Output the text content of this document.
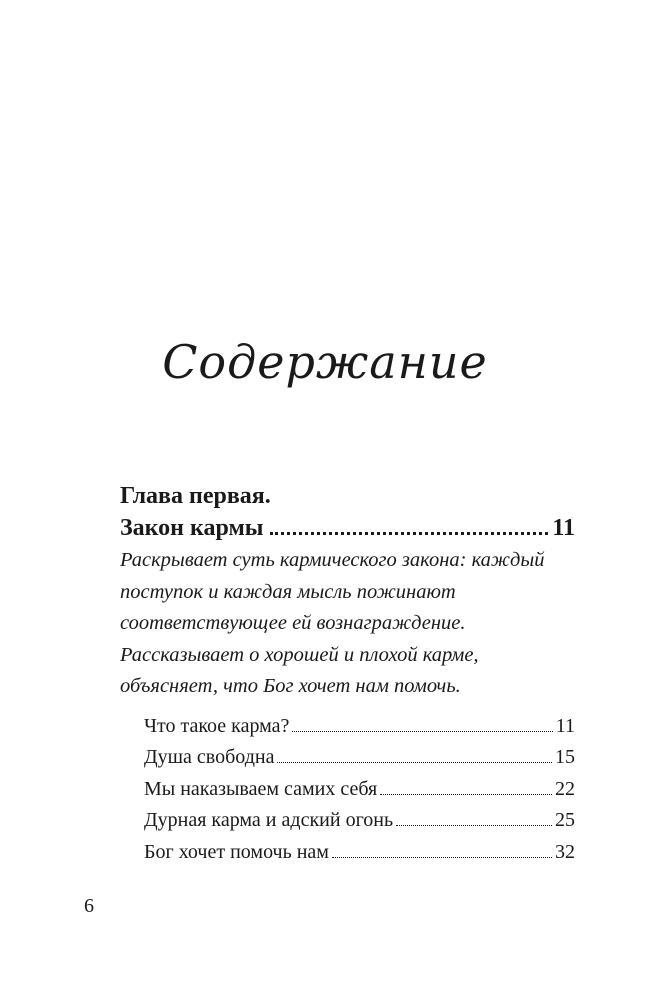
Содержание

Глава первая.

Закон кармы	11

Раскрывает суть кармического закона: каждый поступок и каждая мысль пожинают соответствующее ей вознаграждение. Рассказывает о хорошей и плохой карме, объясняет, что Бог хочет нам помочь.

Что такое карма?	11
Душа свободна	15
Мы наказываем самих себя	22
Дурная карма и адский огонь	25
Бог хочет помочь нам	32
6
